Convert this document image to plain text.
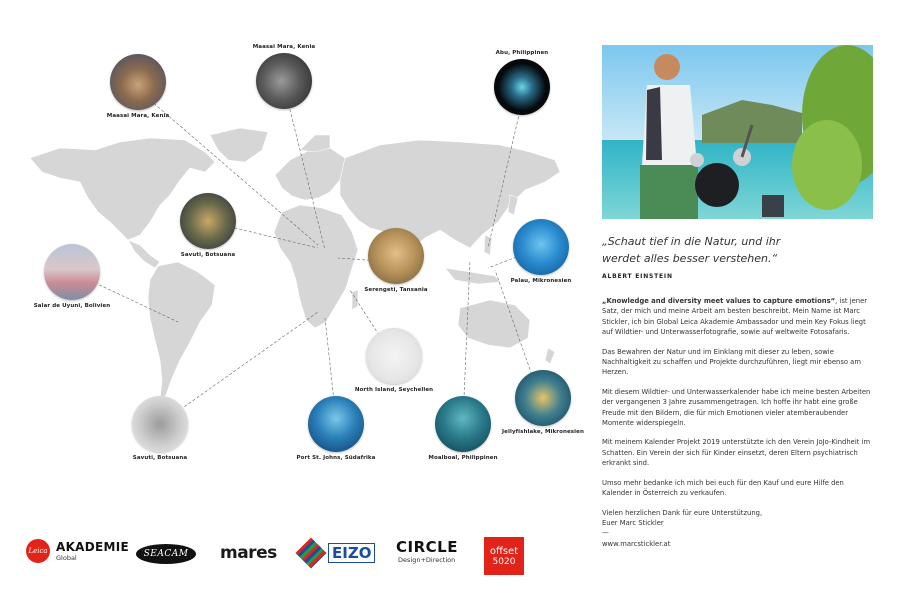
Maasai Mara, Kenia
Maasai Mara, Kenia
Abu, Philippinen
Savuti, Botsuana
Salar de Uyuni, Bolivien
Serengeti, Tansania
Palau, Mikronesien
North Island, Seychellen
Jellyfishlake, Mikronesien
Savuti, Botsuana	Port St. Johns, Südafrika	Moalboal, Philippinen
Leica AKADEMIE
Global	SEACAM	mares	EIZO CIRCLE
Design+Direction
offset
5020
„Schaut tief in die Natur, und ihr werdet alles besser verstehen.“
ALBERT EINSTEIN

„Knowledge and diversity meet values to capture emotions“, ist jener Satz, der mich und meine Arbeit am besten beschreibt. Mein Name ist Marc Stickler, ich bin Global Leica Akademie Ambassador und mein Key Fokus liegt auf Wildtier- und Unterwasserfotografie, sowie auf weltweite Fotosafaris.

Das Bewahren der Natur und im Einklang mit dieser zu leben, sowie Nachhaltigkeit zu schaffen und Projekte durchzuführen, liegt mir ebenso am Herzen.

Mit diesem Wildtier- und Unterwasserkalender habe ich meine besten Arbeiten der vergangenen 3 Jahre zusammengetragen. Ich hoffe ihr habt eine große Freude mit den Bildern, die für mich Emotionen vieler atemberaubender Momente widerspiegeln.

Mit meinem Kalender Projekt 2019 unterstützte ich den Verein JoJo-Kindheit im Schatten. Ein Verein der sich für Kinder einsetzt, deren Eltern psychiatrisch erkrankt sind.

Umso mehr bedanke ich mich bei euch für den Kauf und eure Hilfe den Kalender in Österreich zu verkaufen.

Vielen herzlichen Dank für eure Unterstützung,
Euer Marc Stickler
—
www.marcstickler.at
